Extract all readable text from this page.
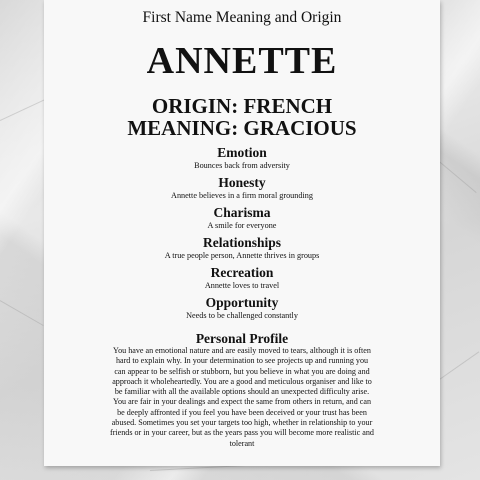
First Name Meaning and Origin
ANNETTE
ORIGIN: FRENCH
MEANING: GRACIOUS
Emotion
Bounces back from adversity
Honesty
Annette believes in a firm moral grounding
Charisma
A smile for everyone
Relationships
A true people person, Annette thrives in groups
Recreation
Annette loves to travel
Opportunity
Needs to be challenged constantly
Personal Profile
You have an emotional nature and are easily moved to tears, although it is often hard to explain why. In your determination to see projects up and running you can appear to be selfish or stubborn, but you believe in what you are doing and approach it wholeheartedly. You are a good and meticulous organiser and like to be familiar with all the available options should an unexpected difficulty arise. You are fair in your dealings and expect the same from others in return, and can be deeply affronted if you feel you have been deceived or your trust has been abused. Sometimes you set your targets too high, whether in relationship to your friends or in your career, but as the years pass you will become more realistic and tolerant
